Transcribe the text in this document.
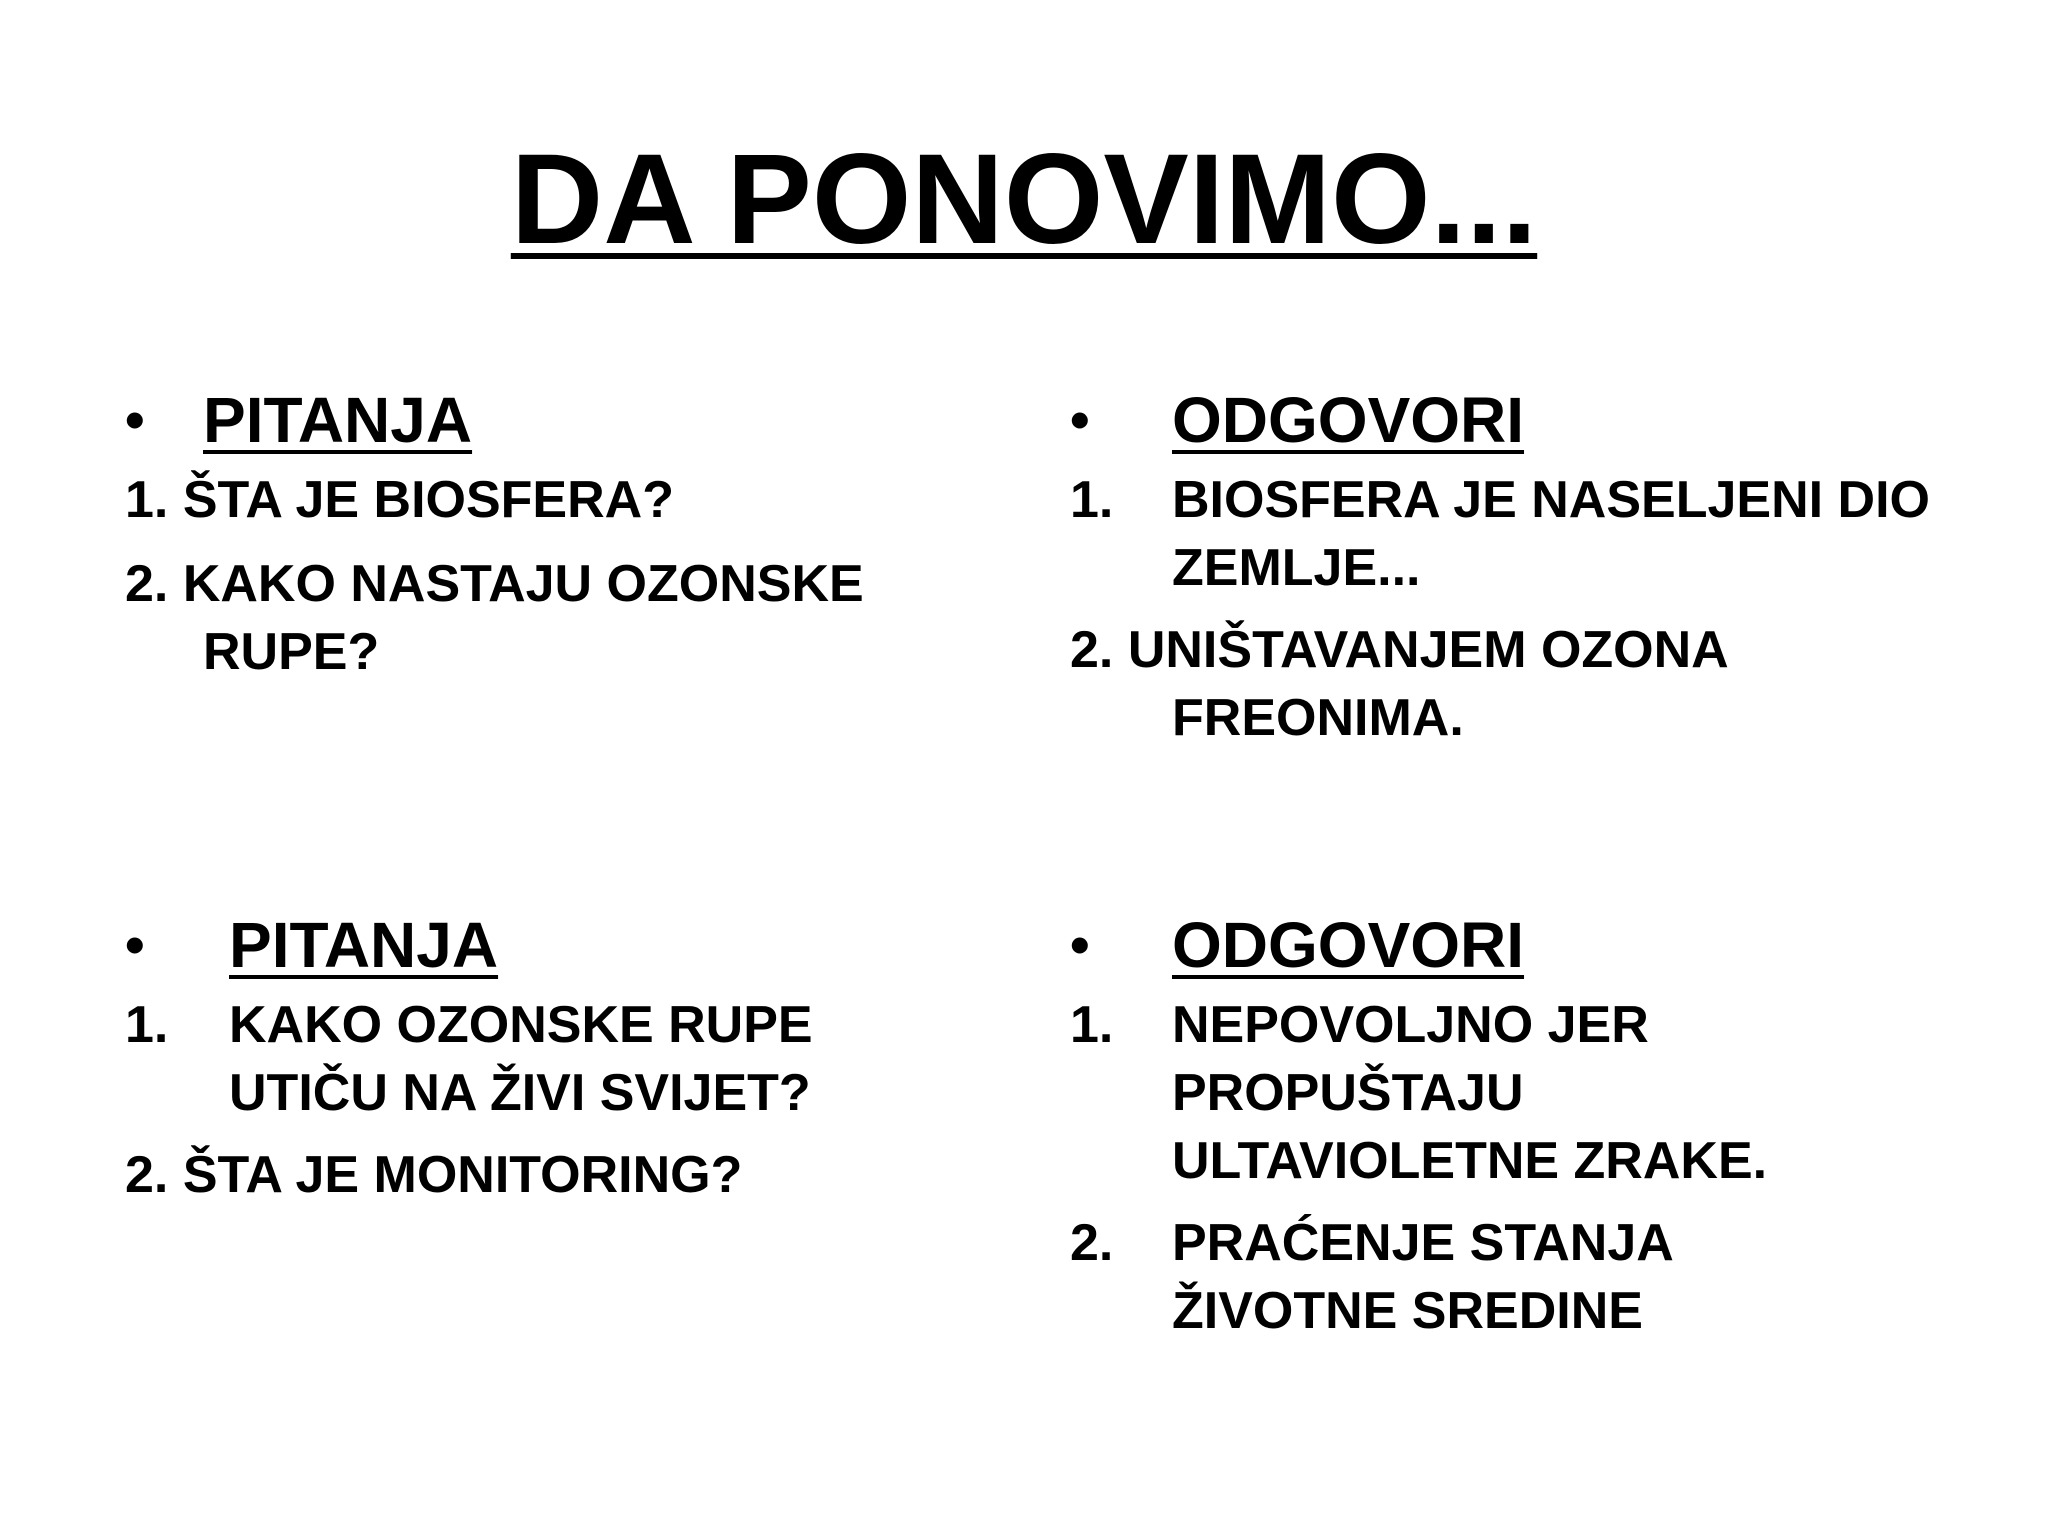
DA PONOVIMO...
• PITANJA
1. ŠTA JE BIOSFERA?
2. KAKO NASTAJU OZONSKE
RUPE?
• ODGOVORI
1. BIOSFERA JE NASELJENI DIO ZEMLJE...
2. UNIŠTAVANJEM OZONA
FREONIMA.
• PITANJA
1. KAKO OZONSKE RUPE UTIČU NA ŽIVI SVIJET?
2. ŠTA JE MONITORING?
• ODGOVORI
1. NEPOVOLJNO JER PROPUŠTAJU ULTAVIOLETNE ZRAKE.
2. PRAĆENJE STANJA ŽIVOTNE SREDINE
